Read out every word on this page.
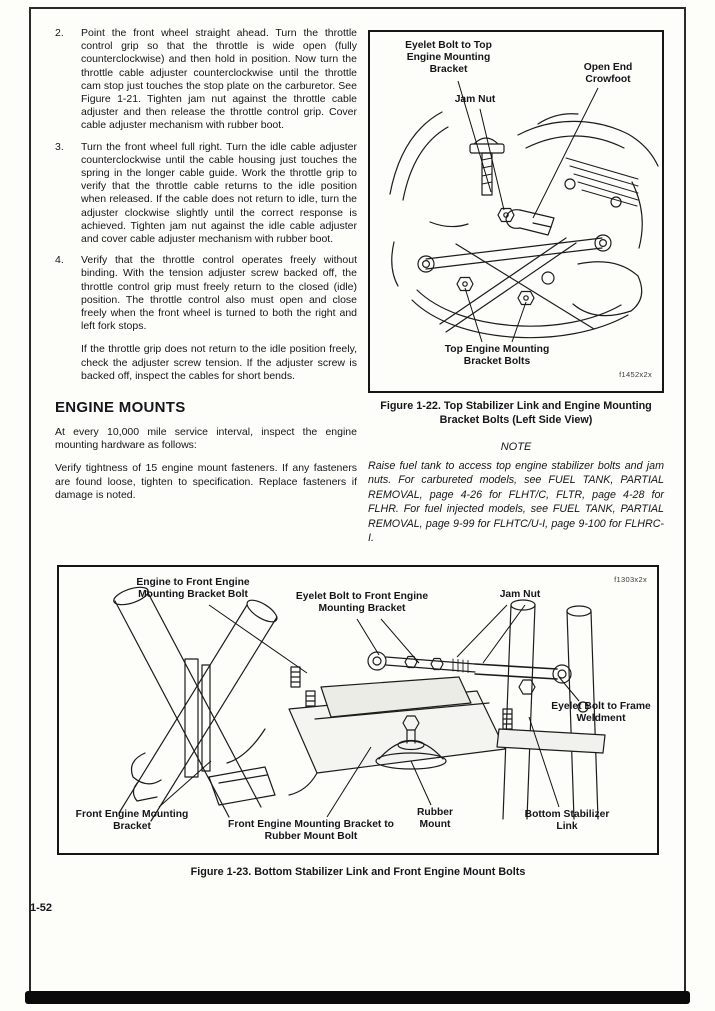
2.	Point the front wheel straight ahead. Turn the throttle control grip so that the throttle is wide open (fully counterclockwise) and then hold in position. Now turn the throttle cable adjuster counterclockwise until the throttle cam stop just touches the stop plate on the carburetor. See Figure 1-21. Tighten jam nut against the throttle cable adjuster and then release the throttle control grip. Cover cable adjuster mechanism with rubber boot.

3.	Turn the front wheel full right. Turn the idle cable adjuster counterclockwise until the cable housing just touches the spring in the longer cable guide. Work the throttle grip to verify that the throttle cable returns to the idle position when released. If the cable does not return to idle, turn the adjuster clockwise slightly until the correct response is achieved. Tighten jam nut against the idle cable adjuster and cover cable adjuster mechanism with rubber boot.

4.	Verify that the throttle control operates freely without binding. With the tension adjuster screw backed off, the throttle control grip must freely return to the closed (idle) position. The throttle control also must open and close freely when the front wheel is turned to both the right and left fork stops.

If the throttle grip does not return to the idle position freely, check the adjuster screw tension. If the adjuster screw is backed off, inspect the cables for short bends.

ENGINE MOUNTS

At every 10,000 mile service interval, inspect the engine mounting hardware as follows:

Verify tightness of 15 engine mount fasteners. If any fasteners are found loose, tighten to specification. Replace fasteners if damage is noted.

Eyelet Bolt to Top Engine Mounting Bracket	Open End Crowfoot
Jam Nut
Top Engine Mounting Bracket Bolts
f1452x2x
Figure 1-22. Top Stabilizer Link and Engine Mounting Bracket Bolts (Left Side View)
NOTE

Raise fuel tank to access top engine stabilizer bolts and jam nuts. For carbureted models, see FUEL TANK, PARTIAL REMOVAL, page 4-26 for FLHT/C, FLTR, page 4-28 for FLHR. For fuel injected models, see FUEL TANK, PARTIAL REMOVAL, page 9-99 for FLHTC/U-I, page 9-100 for FLHRC-I.

Engine to Front Engine Mounting Bracket Bolt	Eyelet Bolt to Front Engine Mounting Bracket
Jam Nut
Eyelet Bolt to Frame Weldment
Front Engine Mounting Bracket	Front Engine Mounting Bracket to Rubber Mount Bolt
Rubber Mount
Bottom Stabilizer Link
f1303x2x
Figure 1-23. Bottom Stabilizer Link and Front Engine Mount Bolts
1-52
